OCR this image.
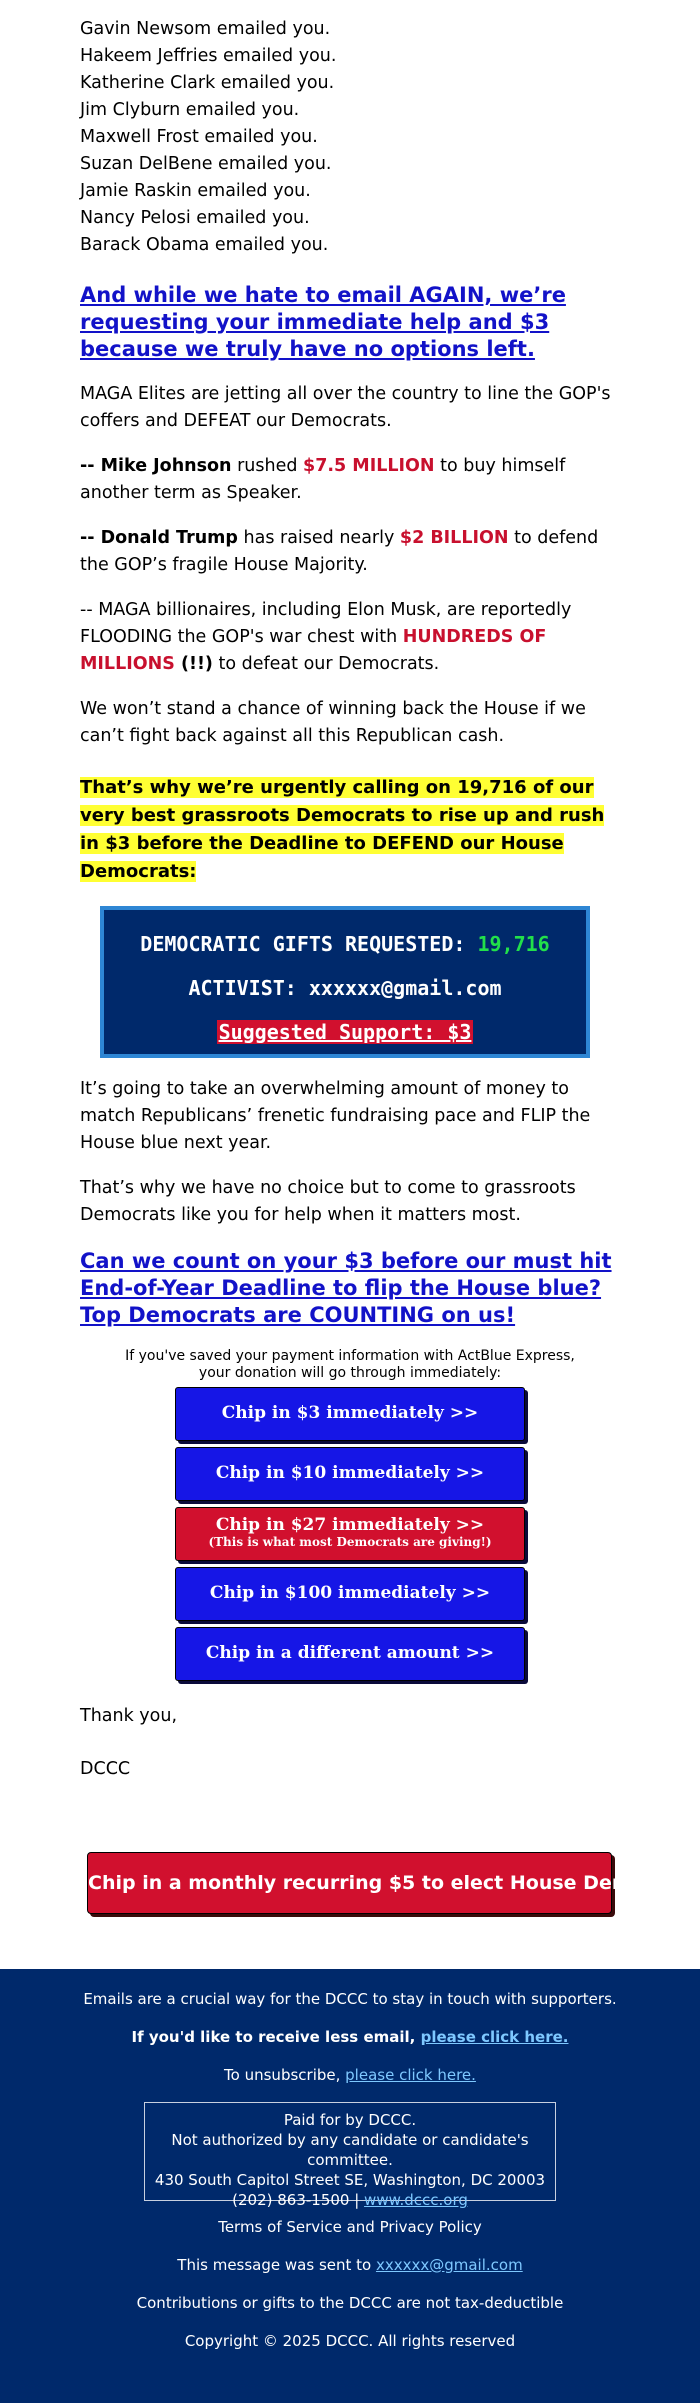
Gavin Newsom emailed you.
Hakeem Jeffries emailed you.
Katherine Clark emailed you.
Jim Clyburn emailed you.
Maxwell Frost emailed you.
Suzan DelBene emailed you.
Jamie Raskin emailed you.
Nancy Pelosi emailed you.
Barack Obama emailed you.

And while we hate to email AGAIN, we’re requesting your immediate help and $3 because we truly have no options left.

MAGA Elites are jetting all over the country to line the GOP's coffers and DEFEAT our Democrats.

-- Mike Johnson rushed $7.5 MILLION to buy himself another term as Speaker.

-- Donald Trump has raised nearly $2 BILLION to defend the GOP’s fragile House Majority.

-- MAGA billionaires, including Elon Musk, are reportedly FLOODING the GOP's war chest with HUNDREDS OF MILLIONS (!!) to defeat our Democrats.

We won’t stand a chance of winning back the House if we can’t fight back against all this Republican cash.

That’s why we’re urgently calling on 19,716 of our very best grassroots Democrats to rise up and rush in $3 before the Deadline to DEFEND our House Democrats:

DEMOCRATIC GIFTS REQUESTED: 19,716
ACTIVIST: xxxxxx@gmail.com
Suggested Support: $3

It’s going to take an overwhelming amount of money to match Republicans’ frenetic fundraising pace and FLIP the House blue next year.

That’s why we have no choice but to come to grassroots Democrats like you for help when it matters most.

Can we count on your $3 before our must hit End-of-Year Deadline to flip the House blue? Top Democrats are COUNTING on us!

If you've saved your payment information with ActBlue Express,
your donation will go through immediately:
Chip in $3 immediately >>
Chip in $10 immediately >>
Chip in $27 immediately >>
(This is what most Democrats are giving!)
Chip in $100 immediately >>
Chip in a different amount >>
Thank you,
DCCC
Chip in a monthly recurring $5 to elect House Dems >>
Emails are a crucial way for the DCCC to stay in touch with supporters.
If you'd like to receive less email, please click here.
To unsubscribe, please click here.
Paid for by DCCC.
Not authorized by any candidate or candidate's committee.
430 South Capitol Street SE, Washington, DC 20003
(202) 863-1500 | www.dccc.org
Terms of Service and Privacy Policy
This message was sent to xxxxxx@gmail.com
Contributions or gifts to the DCCC are not tax-deductible
Copyright © 2025 DCCC. All rights reserved
